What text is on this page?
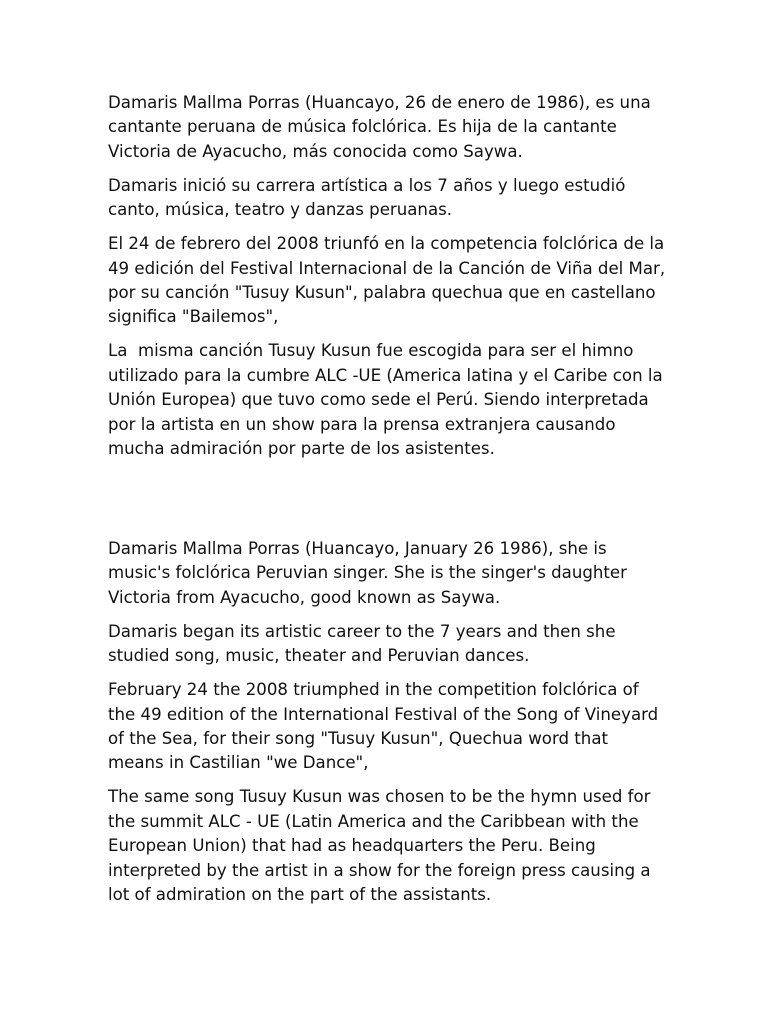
Damaris Mallma Porras (Huancayo, 26 de enero de 1986), es una cantante peruana de música folclórica. Es hija de la cantante Victoria de Ayacucho, más conocida como Saywa.

Damaris inició su carrera artística a los 7 años y luego estudió canto, música, teatro y danzas peruanas.

El 24 de febrero del 2008 triunfó en la competencia folclórica de la 49 edición del Festival Internacional de la Canción de Viña del Mar, por su canción "Tusuy Kusun", palabra quechua que en castellano significa "Bailemos",

La  misma canción Tusuy Kusun fue escogida para ser el himno utilizado para la cumbre ALC -UE (America latina y el Caribe con la Unión Europea) que tuvo como sede el Perú. Siendo interpretada por la artista en un show para la prensa extranjera causando mucha admiración por parte de los asistentes.

Damaris Mallma Porras (Huancayo, January 26 1986), she is music's folclórica Peruvian singer. She is the singer's daughter Victoria from Ayacucho, good known as Saywa.

Damaris began its artistic career to the 7 years and then she studied song, music, theater and Peruvian dances.

February 24 the 2008 triumphed in the competition folclórica of the 49 edition of the International Festival of the Song of Vineyard of the Sea, for their song "Tusuy Kusun", Quechua word that means in Castilian "we Dance",

The same song Tusuy Kusun was chosen to be the hymn used for the summit ALC - UE (Latin America and the Caribbean with the European Union) that had as headquarters the Peru. Being interpreted by the artist in a show for the foreign press causing a lot of admiration on the part of the assistants.
